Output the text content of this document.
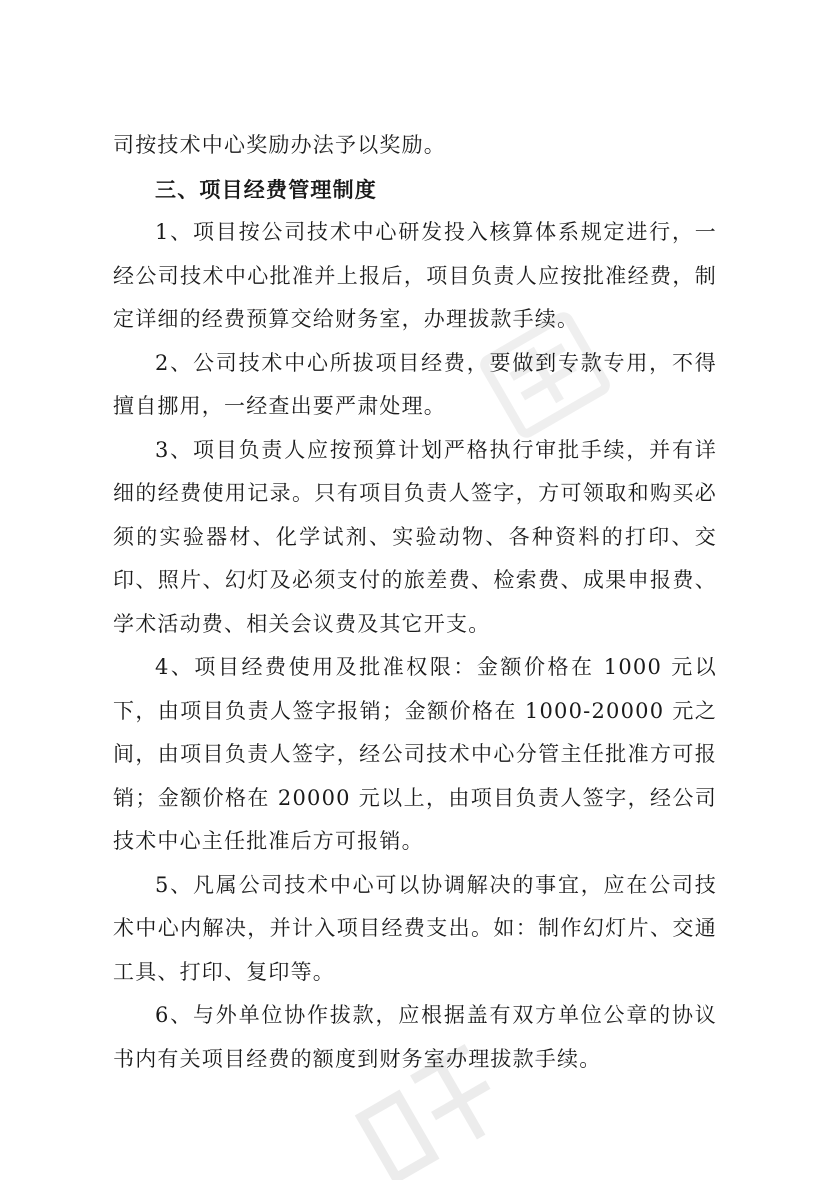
司按技术中心奖励办法予以奖励。

三、项目经费管理制度

1、项目按公司技术中心研发投入核算体系规定进行，一经公司技术中心批准并上报后，项目负责人应按批准经费，制定详细的经费预算交给财务室，办理拔款手续。

2、公司技术中心所拔项目经费，要做到专款专用，不得擅自挪用，一经查出要严肃处理。

3、项目负责人应按预算计划严格执行审批手续，并有详细的经费使用记录。只有项目负责人签字，方可领取和购买必须的实验器材、化学试剂、实验动物、各种资料的打印、交印、照片、幻灯及必须支付的旅差费、检索费、成果申报费、学术活动费、相关会议费及其它开支。

4、项目经费使用及批准权限：金额价格在 1000 元以下，由项目负责人签字报销；金额价格在 1000-20000 元之间，由项目负责人签字，经公司技术中心分管主任批准方可报销；金额价格在 20000 元以上，由项目负责人签字，经公司技术中心主任批准后方可报销。

5、凡属公司技术中心可以协调解决的事宜，应在公司技术中心内解决，并计入项目经费支出。如：制作幻灯片、交通工具、打印、复印等。

6、与外单位协作拔款，应根据盖有双方单位公章的协议书内有关项目经费的额度到财务室办理拔款手续。
